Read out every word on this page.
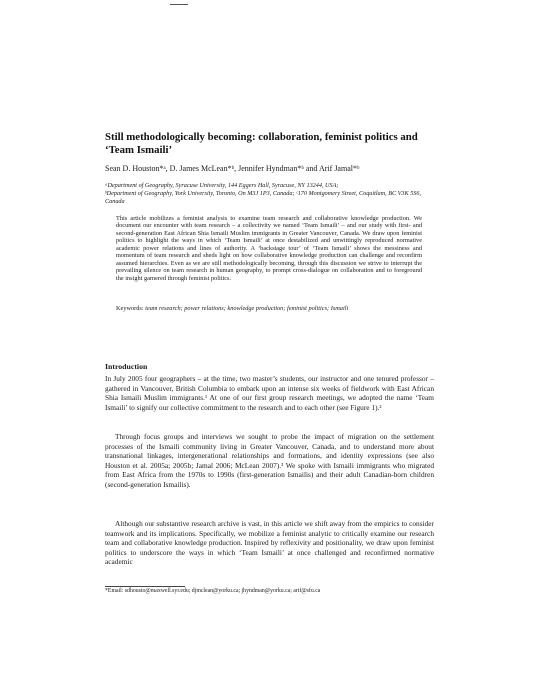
Still methodologically becoming: collaboration, feminist politics and ‘Team Ismaili’
Sean D. Houston*ᵃ, D. James McLean*ᵇ, Jennifer Hyndman*ᵇ and Arif Jamal*ᵇ
ᵃDepartment of Geography, Syracuse University, 144 Eggers Hall, Syracuse, NY 13244, USA;
ᵇDepartment of Geography, York University, Toronto, On M3J 1P3, Canada; ᶜ170 Montgomery Street, Coquitlam, BC V3K 5S6, Canada

This article mobilizes a feminist analysis to examine team research and collaborative knowledge production. We document our encounter with team research – a collectivity we named ‘Team Ismaili’ – and our study with first- and second-generation East African Shia Ismaili Muslim immigrants in Greater Vancouver, Canada. We draw upon feminist politics to highlight the ways in which ‘Team Ismaili’ at once destabilized and unwittingly reproduced normative academic power relations and lines of authority. A ‘backstage tour’ of ‘Team Ismaili’ shows the messiness and momentum of team research and sheds light on how collaborative knowledge production can challenge and reconfirm assumed hierarchies. Even as we are still methodologically becoming, through this discussion we strive to interrupt the prevailing silence on team research in human geography, to prompt cross-dialogue on collaboration and to foreground the insight garnered through feminist politics.

Keywords: team research; power relations; knowledge production; feminist politics; Ismaili

Introduction

In July 2005 four geographers – at the time, two master’s students, our instructor and one tenured professor – gathered in Vancouver, British Columbia to embark upon an intense six weeks of fieldwork with East African Shia Ismaili Muslim immigrants.¹ At one of our first group research meetings, we adopted the name ‘Team Ismaili’ to signify our collective commitment to the research and to each other (see Figure 1).²

Through focus groups and interviews we sought to probe the impact of migration on the settlement processes of the Ismaili community living in Greater Vancouver, Canada, and to understand more about transnational linkages, intergenerational relationships and formations, and identity expressions (see also Houston et al. 2005a; 2005b; Jamal 2006; McLean 2007).³ We spoke with Ismaili immigrants who migrated from East Africa from the 1970s to 1990s (first-generation Ismailis) and their adult Canadian-born children (second-generation Ismailis).

Although our substantive research archive is vast, in this article we shift away from the empirics to consider teamwork and its implications. Specifically, we mobilize a feminist analytic to critically examine our research team and collaborative knowledge production. Inspired by reflexivity and positionality, we draw upon feminist politics to underscore the ways in which ‘Team Ismaili’ at once challenged and reconfirmed normative academic

*Email: sdhousto@maxwell.syr.edu; djmclean@yorku.ca; jhyndman@yorku.ca; arif@sfu.ca
